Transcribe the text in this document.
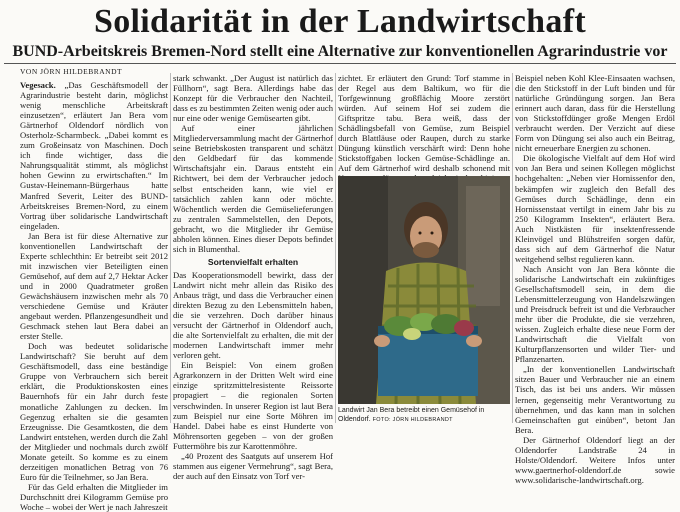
Solidarität in der Landwirtschaft
BUND-Arbeitskreis Bremen-Nord stellt eine Alternative zur konventionellen Agrarindustrie vor
VON JÖRN HILDEBRANDT

Vegesack. „Das Geschäftsmodell der Agrarindustrie besteht darin, möglichst wenig menschliche Arbeitskraft einzusetzen“, erläutert Jan Bera vom Gärtnerhof Oldendorf nördlich von Osterholz-Scharmbeck. „Dabei kommt es zum Großeinsatz von Maschinen. Doch ich finde wichtiger, dass die Nahrungsqualität stimmt, als möglichst hohen Gewinn zu erwirtschaften.“ Im Gustav-Heinemann-Bürgerhaus hatte Manfred Severit, Leiter des BUND-Arbeitskreises Bremen-Nord, zu einem Vortrag über solidarische Landwirtschaft eingeladen.

Jan Bera ist für diese Alternative zur konventionellen Landwirtschaft der Experte schlechthin: Er betreibt seit 2012 mit inzwischen vier Beteiligten einen Gemüsehof, auf dem auf 2,7 Hektar Acker und in 2000 Quadratmeter großen Gewächshäusern inzwischen mehr als 70 verschiedene Gemüse und Kräuter angebaut werden. Pflanzengesundheit und Geschmack stehen laut Bera dabei an erster Stelle.

Doch was bedeutet solidarische Landwirtschaft? Sie beruht auf dem Geschäftsmodell, dass eine beständige Gruppe von Verbrauchern sich bereit erklärt, die Produktionskosten eines Bauernhofs für ein Jahr durch feste monatliche Zahlungen zu decken. Im Gegenzug erhalten sie die gesamten Erzeugnisse. Die Gesamtkosten, die dem Landwirt entstehen, werden durch die Zahl der Mitglieder und nochmals durch zwölf Monate geteilt. So komme es zu einem derzeitigen monatlichen Betrag von 76 Euro für die Teilnehmer, so Jan Bera.

Für das Geld erhalten die Mitglieder im Durchschnitt drei Kilogramm Gemüse pro Woche – wobei der Wert je nach Jahreszeit

stark schwankt. „Der August ist natürlich das Füllhorn“, sagt Bera. Allerdings habe das Konzept für die Verbraucher den Nachteil, dass es zu bestimmten Zeiten wenig oder auch nur eine oder wenige Gemüsearten gibt.

Auf einer jährlichen Mitgliederversammlung macht der Gärtnerhof seine Betriebskosten transparent und schätzt den Geldbedarf für das kommende Wirtschaftsjahr ein. Daraus entsteht ein Richtwert, bei dem der Verbraucher jedoch selbst entscheiden kann, wie viel er tatsächlich zahlen kann oder möchte. Wöchentlich werden die Gemüselieferungen zu zentralen Sammelstellen, den Depots, gebracht, wo die Mitglieder ihr Gemüse abholen können. Eines dieser Depots befindet sich in Blumenthal.

Sortenvielfalt erhalten

Das Kooperationsmodell bewirkt, dass der Landwirt nicht mehr allein das Risiko des Anbaus trägt, und dass die Verbraucher einen direkten Bezug zu den Lebensmitteln haben, die sie verzehren. Doch darüber hinaus versucht der Gärtnerhof in Oldendorf auch, die alte Sortenvielfalt zu erhalten, die mit der modernen Landwirtschaft immer mehr verloren geht.

Ein Beispiel: Von einem großen Agrarkonzern in der Dritten Welt wird eine einzige spritzmittelresistente Reissorte propagiert – die regionalen Sorten verschwinden. In unserer Region ist laut Bera zum Beispiel nur eine Sorte Möhren im Handel. Dabei habe es einst Hunderte von Möhrensorten gegeben – von der großen Futtermöhre bis zur Karottenmöhre.

„40 Prozent des Saatguts auf unserem Hof stammen aus eigener Vermehrung“, sagt Bera, der auch auf den Einsatz von Torf ver-

zichtet. Er erläutert den Grund: Torf stamme in der Regel aus dem Baltikum, wo für die Torfgewinnung großflächig Moore zerstört würden. Auf seinem Hof sei zudem die Giftspritze tabu. Bera weiß, dass der Schädlingsbefall von Gemüse, zum Beispiel durch Blattläuse oder Raupen, durch zu starke Düngung künstlich verschärft wird: Denn hohe Stickstoffgaben locken Gemüse-Schädlinge an. Auf dem Gärtnerhof wird deshalb schonend mit

Landwirt Jan Bera betreibt einen Gemüsehof in Oldendorf. FOTO: JÖRN HILDEBRANDT

Beispiel neben Kohl Klee-Einsaaten wachsen, die den Stickstoff in der Luft binden und für natürliche Gründüngung sorgen. Jan Bera erinnert auch daran, dass für die Herstellung von Stickstoffdünger große Mengen Erdöl verbraucht werden. Der Verzicht auf diese Form von Düngung sei also auch ein Beitrag, nicht erneuerbare Energien zu schonen.

Die ökologische Vielfalt auf dem Hof wird von Jan Bera und seinen Kollegen möglichst hochgehalten: „Neben vier Hornissenfor den, bekämpfen wir zugleich den Befall des Gemüses durch Schädlinge, denn ein Hornissenstaat vertilgt in einem Jahr bis zu 250 Kilogramm Insekten“, erläutert Bera. Auch Nistkästen für insektenfressende Kleinvögel und Blühstreifen sorgen dafür, dass sich auf dem Gärtnerhof die Natur weitgehend selbst regulieren kann.

Nach Ansicht von Jan Bera könnte die solidarische Landwirtschaft ein zukünftiges Gesellschaftsmodell sein, in dem die Lebensmittelerzeugung von Handelszwängen und Preisdruck befreit ist und die Verbraucher mehr über die Produkte, die sie verzehren, wissen. Zugleich erhalte diese neue Form der Landwirtschaft die Vielfalt von Kulturpflanzensorten und wilder Tier- und Pflanzenarten.

„In der konventionellen Landwirtschaft sitzen Bauer und Verbraucher nie an einem Tisch, das ist bei uns anders. Wir müssen lernen, gegenseitig mehr Verantwortung zu übernehmen, und das kann man in solchen Gemeinschaften gut einüben“, betont Jan Bera.

Der Gärtnerhof Oldendorf liegt an der Oldendorfer Landstraße 24 in Holste/Oldendorf. Weitere Infos unter www.gaertnerhof-oldendorf.de sowie www.solidarische-landwirtschaft.org.
